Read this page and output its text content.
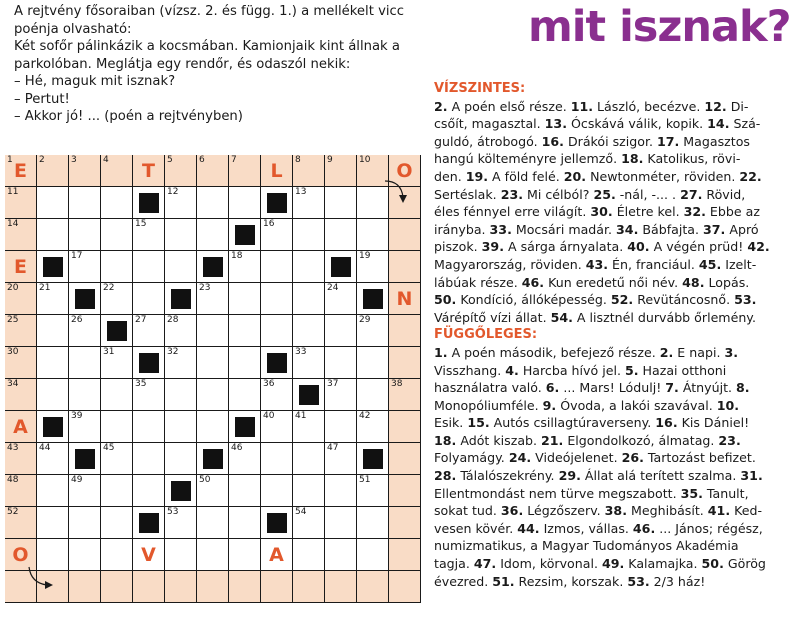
A rejtvény fősoraiban (vízsz. 2. és függ. 1.) a mellékelt vicc
poénja olvasható:
Két sofőr pálinkázik a kocsmában. Kamionjaik kint állnak a
parkolóban. Meglátja egy rendőr, és odaszól nekik:
– Hé, maguk mit isznak?
– Pertut!
– Akkor jó! ... (poén a rejtvényben)
mit isznak?
1 E	2	3	4	T	5	6	7	L	8	9	10	O
11	12	13
14	15	16
E	17	18	19
20 21	22	23	24	N
25	26	27 28	29
30	31	32	33
34	35	36	37	38
A	39	40 41	42
43 44	45	46	47
48	49	50	51
52	53	54
O	V	A
VÍZSZINTES:
2. A poén első része. 11. László, becézve. 12. Di-
csőít, magasztal. 13. Ócskává válik, kopik. 14. Szá-
guldó, átrobogó. 16. Drákói szigor. 17. Magasztos
hangú költeményre jellemző. 18. Katolikus, rövi-
den. 19. A föld felé. 20. Newtonméter, röviden. 22.
Sertéslak. 23. Mi célból? 25. -nál, -... . 27. Rövid,
éles fénnyel erre világít. 30. Életre kel. 32. Ebbe az
irányba. 33. Mocsári madár. 34. Bábfajta. 37. Apró
piszok. 39. A sárga árnyalata. 40. A végén prüd! 42.
Magyarország, röviden. 43. Én, franciául. 45. Izelt-
lábúak része. 46. Kun eredetű női név. 48. Lopás.
50. Kondíció, állóképesség. 52. Revütáncosnő. 53.
Várépítő vízi állat. 54. A lisztnél durvább őrlemény.
FÜGGŐLEGES:
1. A poén második, befejező része. 2. E napi. 3.
Visszhang. 4. Harcba hívó jel. 5. Hazai otthoni
használatra való. 6. ... Mars! Lódulj! 7. Átnyújt. 8.
Monopóliumféle. 9. Óvoda, a lakói szavával. 10.
Esik. 15. Autós csillagtúraverseny. 16. Kis Dániel!
18. Adót kiszab. 21. Elgondolkozó, álmatag. 23.
Folyamágy. 24. Videójelenet. 26. Tartozást befizet.
28. Tálalószekrény. 29. Állat alá terített szalma. 31.
Ellentmondást nem türve megszabott. 35. Tanult,
sokat tud. 36. Légzőszerv. 38. Meghibásít. 41. Ked-
vesen kövér. 44. Izmos, vállas. 46. ... János; régész,
numizmatikus, a Magyar Tudományos Akadémia
tagja. 47. Idom, körvonal. 49. Kalamajka. 50. Görög
évezred. 51. Rezsim, korszak. 53. 2/3 ház!
